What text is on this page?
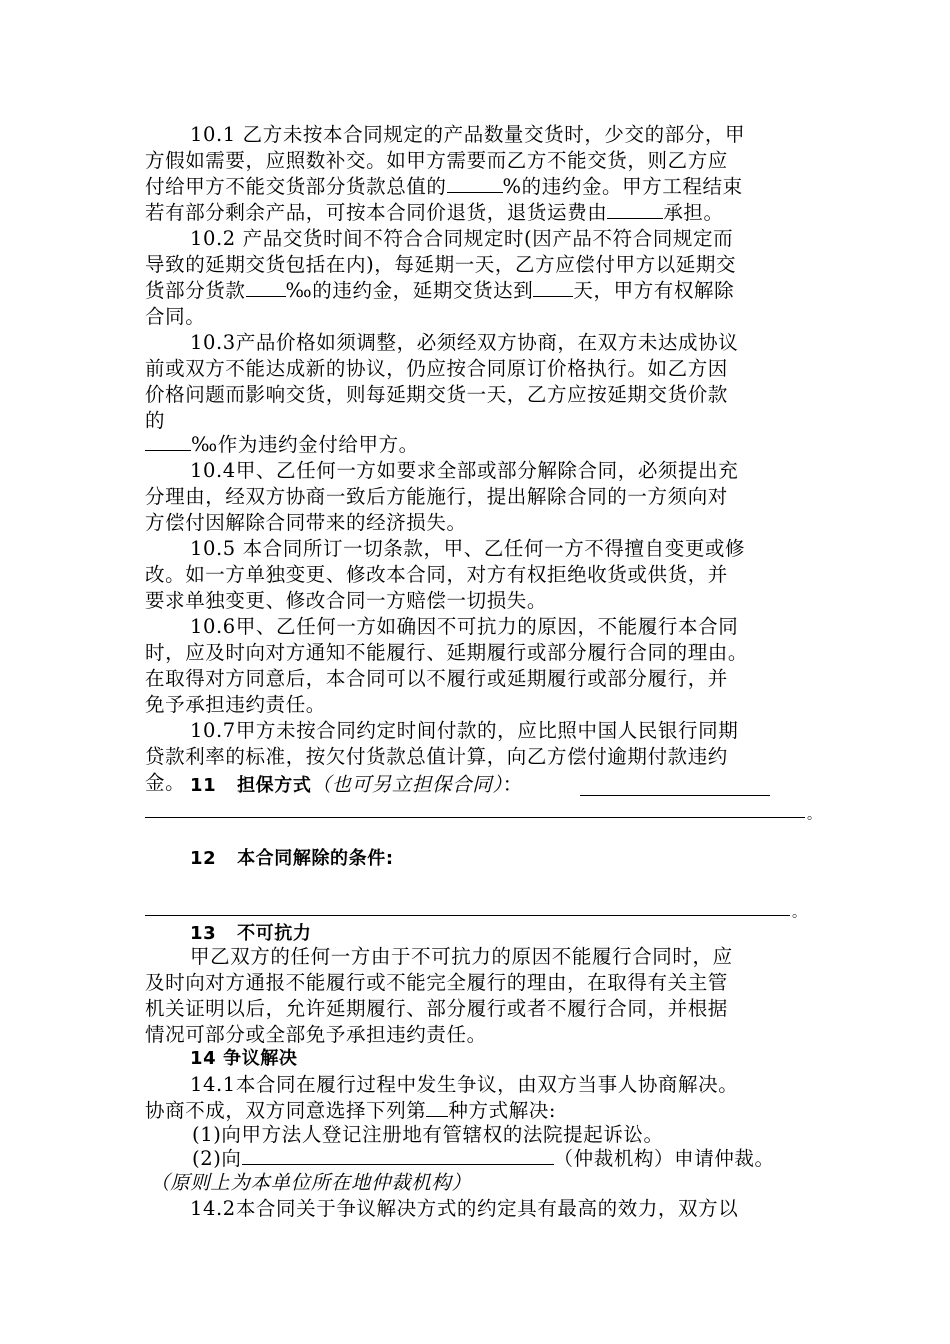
10.1 乙方未按本合同规定的产品数量交货时，少交的部分，甲
方假如需要，应照数补交。如甲方需要而乙方不能交货，则乙方应
付给甲方不能交货部分货款总值的	%的违约金。甲方工程结束
若有部分剩余产品，可按本合同价退货，退货运费由	承担。
10.2 产品交货时间不符合合同规定时(因产品不符合同规定而
导致的延期交货包括在内)，每延期一天，乙方应偿付甲方以延期交
货部分货款 ‰的违约金，延期交货达到 天，甲方有权解除
合同。
10.3产品价格如须调整，必须经双方协商，在双方未达成协议
前或双方不能达成新的协议，仍应按合同原订价格执行。如乙方因
价格问题而影响交货，则每延期交货一天，乙方应按延期交货价款
的
‰作为违约金付给甲方。
10.4甲、乙任何一方如要求全部或部分解除合同，必须提出充
分理由，经双方协商一致后方能施行，提出解除合同的一方须向对
方偿付因解除合同带来的经济损失。
10.5 本合同所订一切条款，甲、乙任何一方不得擅自变更或修
改。如一方单独变更、修改本合同，对方有权拒绝收货或供货，并
要求单独变更、修改合同一方赔偿一切损失。
10.6甲、乙任何一方如确因不可抗力的原因，不能履行本合同
时，应及时向对方通知不能履行、延期履行或部分履行合同的理由。
在取得对方同意后，本合同可以不履行或延期履行或部分履行，并
免予承担违约责任。
10.7甲方未按合同约定时间付款的，应比照中国人民银行同期
贷款利率的标准，按欠付货款总值计算，向乙方偿付逾期付款违约
金。 11 担保方式（也可另立担保合同）：
。
12 本合同解除的条件:
。
13 不可抗力
甲乙双方的任何一方由于不可抗力的原因不能履行合同时，应
及时向对方通报不能履行或不能完全履行的理由，在取得有关主管
机关证明以后，允许延期履行、部分履行或者不履行合同，并根据
情况可部分或全部免予承担违约责任。
14 争议解决
14.1本合同在履行过程中发生争议，由双方当事人协商解决。
协商不成，双方同意选择下列第 种方式解决:
(1)向甲方法人登记注册地有管辖权的法院提起诉讼。
(2)向	（仲裁机构）申请仲裁。
（原则上为本单位所在地仲裁机构）
14.2本合同关于争议解决方式的约定具有最高的效力，双方以
